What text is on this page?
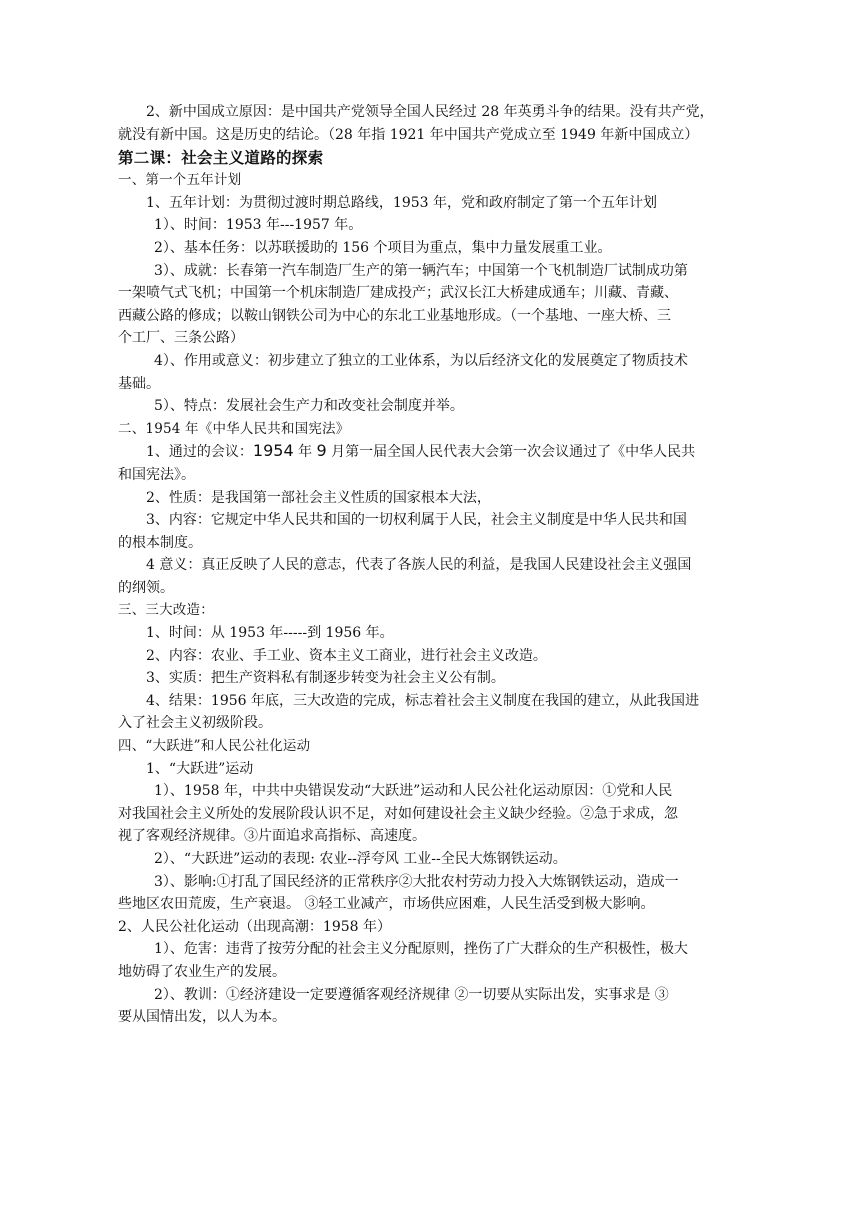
2、新中国成立原因：是中国共产党领导全国人民经过 28 年英勇斗争的结果。没有共产党，
就没有新中国。这是历史的结论。（28 年指 1921 年中国共产党成立至 1949 年新中国成立）
第二课：社会主义道路的探索
一、第一个五年计划
1、五年计划：为贯彻过渡时期总路线，1953 年，党和政府制定了第一个五年计划
1）、时间：1953 年---1957 年。
2）、基本任务：以苏联援助的 156 个项目为重点，集中力量发展重工业。
3）、成就：长春第一汽车制造厂生产的第一辆汽车；中国第一个飞机制造厂试制成功第
一架喷气式飞机；中国第一个机床制造厂建成投产；武汉长江大桥建成通车；川藏、青藏、
西藏公路的修成；以鞍山钢铁公司为中心的东北工业基地形成。（一个基地、一座大桥、三
个工厂、三条公路）
4）、作用或意义：初步建立了独立的工业体系，为以后经济文化的发展奠定了物质技术
基础。
5）、特点：发展社会生产力和改变社会制度并举。
二、1954 年《中华人民共和国宪法》
1、通过的会议：1954 年 9 月第一届全国人民代表大会第一次会议通过了《中华人民共
和国宪法》。
2、性质：是我国第一部社会主义性质的国家根本大法，
3、内容：它规定中华人民共和国的一切权利属于人民，社会主义制度是中华人民共和国
的根本制度。
4 意义：真正反映了人民的意志，代表了各族人民的利益，是我国人民建设社会主义强国
的纲领。
三、三大改造：
1、时间：从 1953 年-----到 1956 年。
2、内容：农业、手工业、资本主义工商业，进行社会主义改造。
3、实质：把生产资料私有制逐步转变为社会主义公有制。
4、结果：1956 年底，三大改造的完成，标志着社会主义制度在我国的建立，从此我国进
入了社会主义初级阶段。
四、“大跃进”和人民公社化运动
1、“大跃进”运动
1）、1958 年，中共中央错误发动“大跃进”运动和人民公社化运动原因：①党和人民
对我国社会主义所处的发展阶段认识不足，对如何建设社会主义缺少经验。②急于求成，忽
视了客观经济规律。③片面追求高指标、高速度。
2）、“大跃进”运动的表现: 农业--浮夸风 工业--全民大炼钢铁运动。
3）、影响:①打乱了国民经济的正常秩序②大批农村劳动力投入大炼钢铁运动，造成一
些地区农田荒废，生产衰退。 ③轻工业减产，市场供应困难，人民生活受到极大影响。
2、人民公社化运动（出现高潮：1958 年）
1）、危害：违背了按劳分配的社会主义分配原则，挫伤了广大群众的生产积极性，极大
地妨碍了农业生产的发展。
2）、教训：①经济建设一定要遵循客观经济规律 ②一切要从实际出发，实事求是 ③
要从国情出发，以人为本。
